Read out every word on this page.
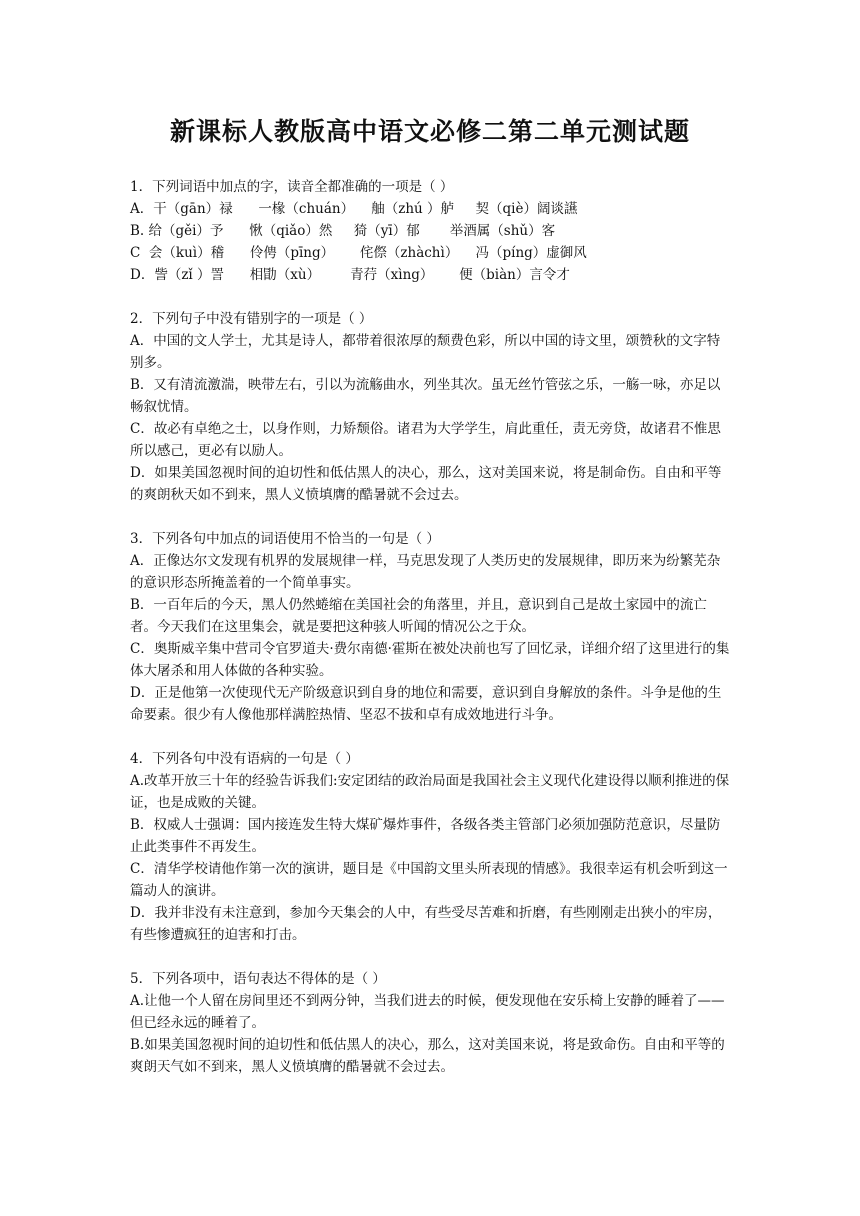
新课标人教版高中语文必修二第二单元测试题

1．下列词语中加点的字，读音全都准确的一项是（ ）

A．干（gān）禄      一椽（chuán）    舳（zhú ）舻     契（qiè）阔谈讌

B. 给（gěi）予      愀（qiǎo）然     猗（yī）郁       举酒属（shǔ）客

C  会（kuì）稽      伶俜（pīng）      侘傺（zhàchì）    冯（píng）虚御风

D．訾（zǐ ）詈      相勖（xù）       青荇（xìng）      便（biàn）言令才

2．下列句子中没有错别字的一项是（ ）

A．中国的文人学士，尤其是诗人，都带着很浓厚的颓费色彩，所以中国的诗文里，颂赞秋的文字特别多。

B．又有清流激湍，映带左右，引以为流觞曲水，列坐其次。虽无丝竹管弦之乐，一觞一咏，亦足以畅叙忧情。

C．故必有卓绝之士，以身作则，力矫颓俗。诸君为大学学生，肩此重任，责无旁贷，故诸君不惟思所以感己，更必有以励人。

D．如果美国忽视时间的迫切性和低估黑人的决心，那么，这对美国来说，将是制命伤。自由和平等的爽朗秋天如不到来，黑人义愤填膺的酷暑就不会过去。

3．下列各句中加点的词语使用不恰当的一句是（ ）

A．正像达尔文发现有机界的发展规律一样，马克思发现了人类历史的发展规律，即历来为纷繁芜杂的意识形态所掩盖着的一个简单事实。

B．一百年后的今天，黑人仍然蜷缩在美国社会的角落里，并且，意识到自己是故土家园中的流亡者。今天我们在这里集会，就是要把这种骇人听闻的情况公之于众。

C．奥斯威辛集中营司令官罗道夫·费尔南德·霍斯在被处决前也写了回忆录，详细介绍了这里进行的集体大屠杀和用人体做的各种实验。

D．正是他第一次使现代无产阶级意识到自身的地位和需要，意识到自身解放的条件。斗争是他的生命要素。很少有人像他那样满腔热情、坚忍不拔和卓有成效地进行斗争。

4．下列各句中没有语病的一句是（ ）

A.改革开放三十年的经验告诉我们:安定团结的政治局面是我国社会主义现代化建设得以顺利推进的保证，也是成败的关键。

B．权威人士强调：国内接连发生特大煤矿爆炸事件，各级各类主管部门必须加强防范意识，尽量防止此类事件不再发生。

C．清华学校请他作第一次的演讲，题目是《中国韵文里头所表现的情感》。我很幸运有机会听到这一篇动人的演讲。

D．我并非没有未注意到，参加今天集会的人中，有些受尽苦难和折磨，有些刚刚走出狭小的牢房，有些惨遭疯狂的迫害和打击。

5．下列各项中，语句表达不得体的是（ ）

A.让他一个人留在房间里还不到两分钟，当我们进去的时候，便发现他在安乐椅上安静的睡着了——但已经永远的睡着了。

B.如果美国忽视时间的迫切性和低估黑人的决心，那么，这对美国来说，将是致命伤。自由和平等的爽朗天气如不到来，黑人义愤填膺的酷暑就不会过去。
